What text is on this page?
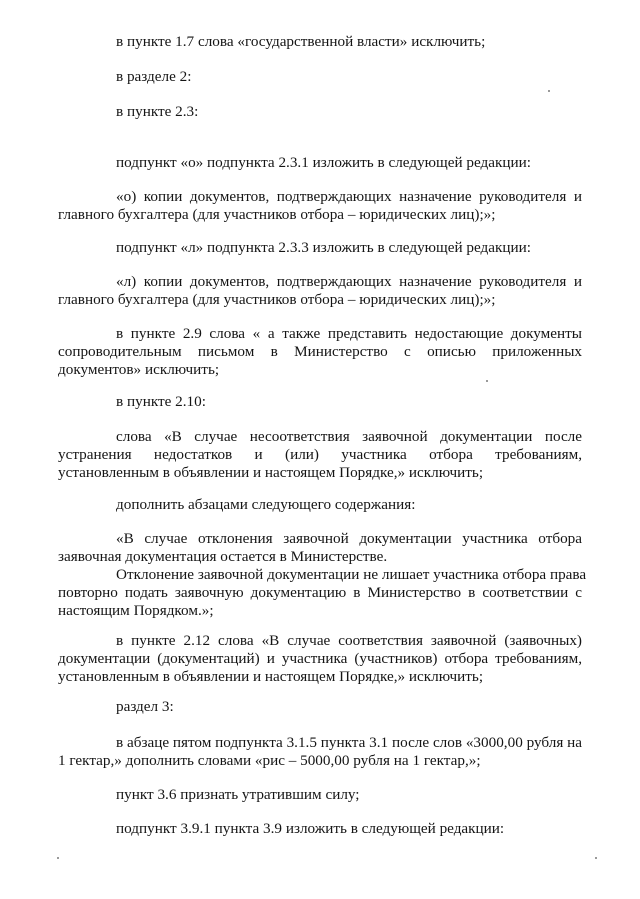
в пункте 1.7 слова «государственной власти» исключить;
в разделе 2:
в пункте 2.3:
подпункт «о» подпункта 2.3.1 изложить в следующей редакции:
«о) копии документов, подтверждающих назначение руководителя и
главного бухгалтера (для участников отбора – юридических лиц);»;
подпункт «л» подпункта 2.3.3 изложить в следующей редакции:
«л) копии документов, подтверждающих назначение руководителя и
главного бухгалтера (для участников отбора – юридических лиц);»;
в пункте 2.9 слова « а также представить недостающие документы
сопроводительным письмом в Министерство с описью приложенных
документов» исключить;
в пункте 2.10:
слова «В случае несоответствия заявочной документации после
устранения недостатков и (или) участника отбора требованиям,
установленным в объявлении и настоящем Порядке,» исключить;
дополнить абзацами следующего содержания:
«В случае отклонения заявочной документации участника отбора
заявочная документация остается в Министерстве.
Отклонение заявочной документации не лишает участника отбора права
повторно подать заявочную документацию в Министерство в соответствии с
настоящим Порядком.»;
в пункте 2.12 слова «В случае соответствия заявочной (заявочных)
документации (документаций) и участника (участников) отбора требованиям,
установленным в объявлении и настоящем Порядке,» исключить;
раздел 3:
в абзаце пятом подпункта 3.1.5 пункта 3.1 после слов «3000,00 рубля на
1 гектар,» дополнить словами «рис – 5000,00 рубля на 1 гектар,»;
пункт 3.6 признать утратившим силу;
подпункт 3.9.1 пункта 3.9 изложить в следующей редакции:
